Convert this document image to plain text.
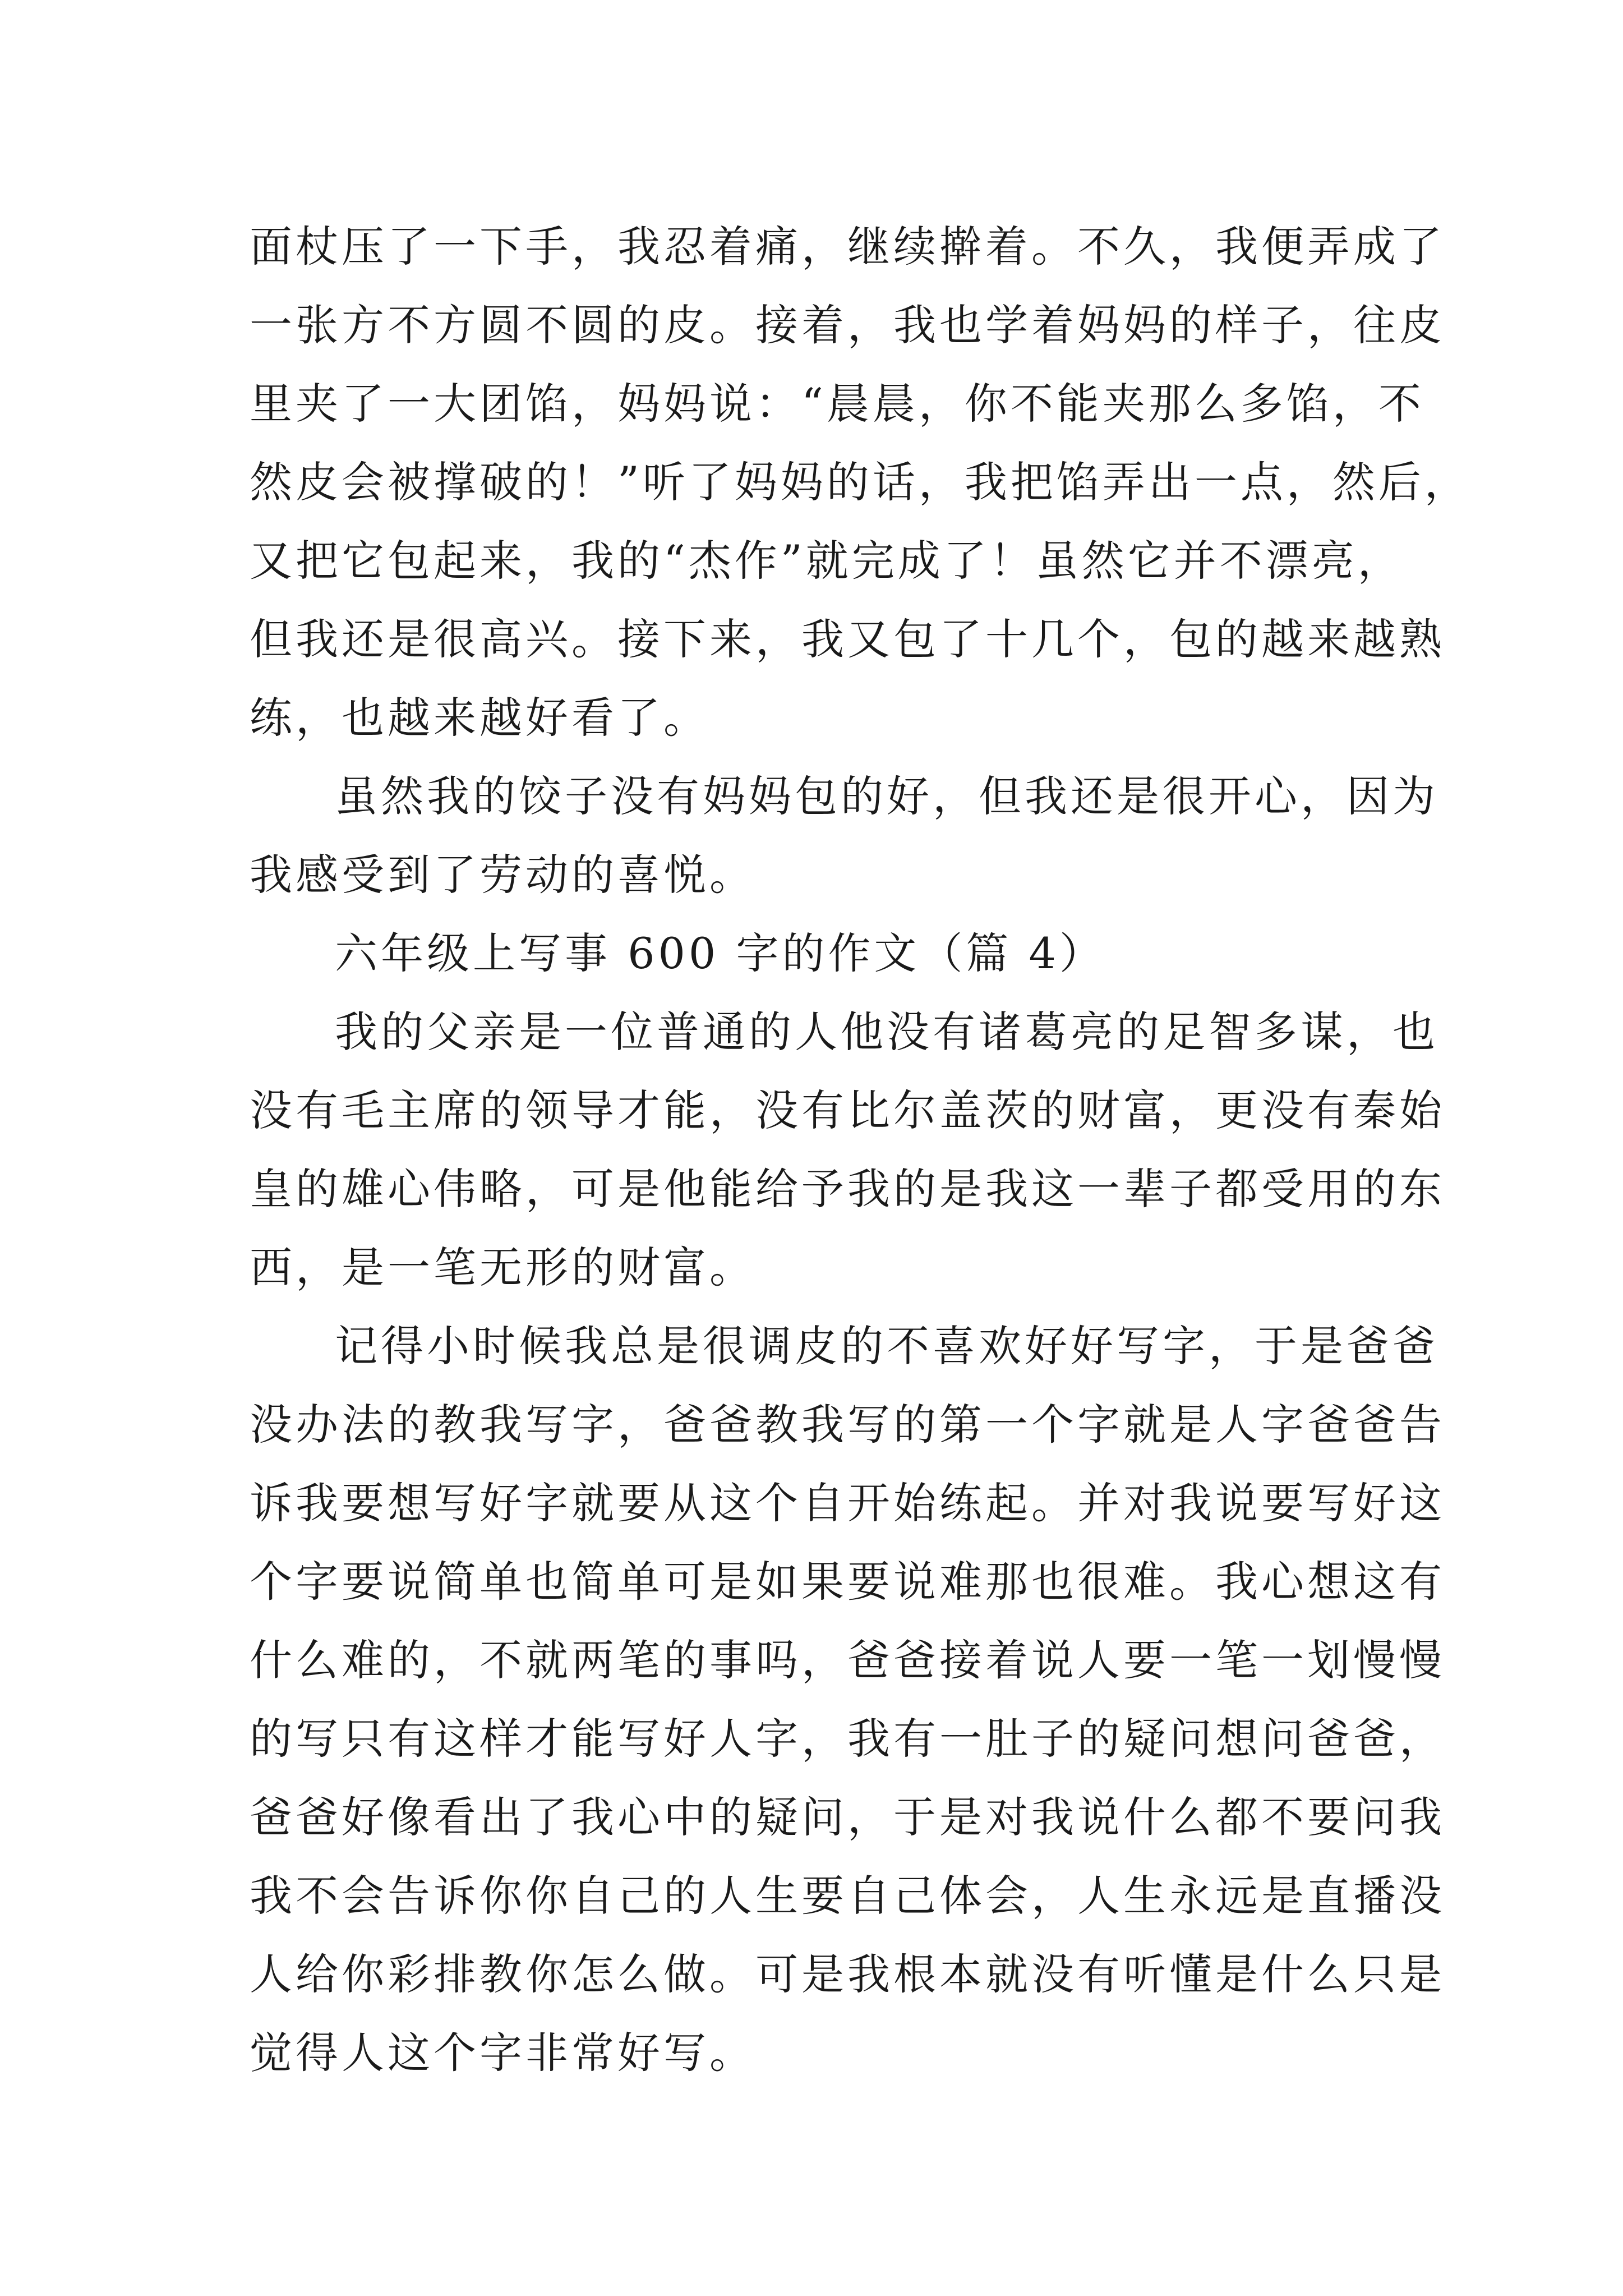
面杖压了一下手，我忍着痛，继续擀着。不久，我便弄成了
一张方不方圆不圆的皮。接着，我也学着妈妈的样子，往皮
里夹了一大团馅，妈妈说：“晨晨，你不能夹那么多馅，不
然皮会被撑破的！”听了妈妈的话，我把馅弄出一点，然后，
又把它包起来，我的“杰作”就完成了！虽然它并不漂亮，
但我还是很高兴。接下来，我又包了十几个，包的越来越熟
练，也越来越好看了。
虽然我的饺子没有妈妈包的好，但我还是很开心，因为
我感受到了劳动的喜悦。
六年级上写事 600 字的作文（篇 4）
我的父亲是一位普通的人他没有诸葛亮的足智多谋，也
没有毛主席的领导才能，没有比尔盖茨的财富，更没有秦始
皇的雄心伟略，可是他能给予我的是我这一辈子都受用的东
西，是一笔无形的财富。
记得小时候我总是很调皮的不喜欢好好写字，于是爸爸
没办法的教我写字，爸爸教我写的第一个字就是人字爸爸告
诉我要想写好字就要从这个自开始练起。并对我说要写好这
个字要说简单也简单可是如果要说难那也很难。我心想这有
什么难的，不就两笔的事吗，爸爸接着说人要一笔一划慢慢
的写只有这样才能写好人字，我有一肚子的疑问想问爸爸，
爸爸好像看出了我心中的疑问，于是对我说什么都不要问我
我不会告诉你你自己的人生要自己体会，人生永远是直播没
人给你彩排教你怎么做。可是我根本就没有听懂是什么只是
觉得人这个字非常好写。
